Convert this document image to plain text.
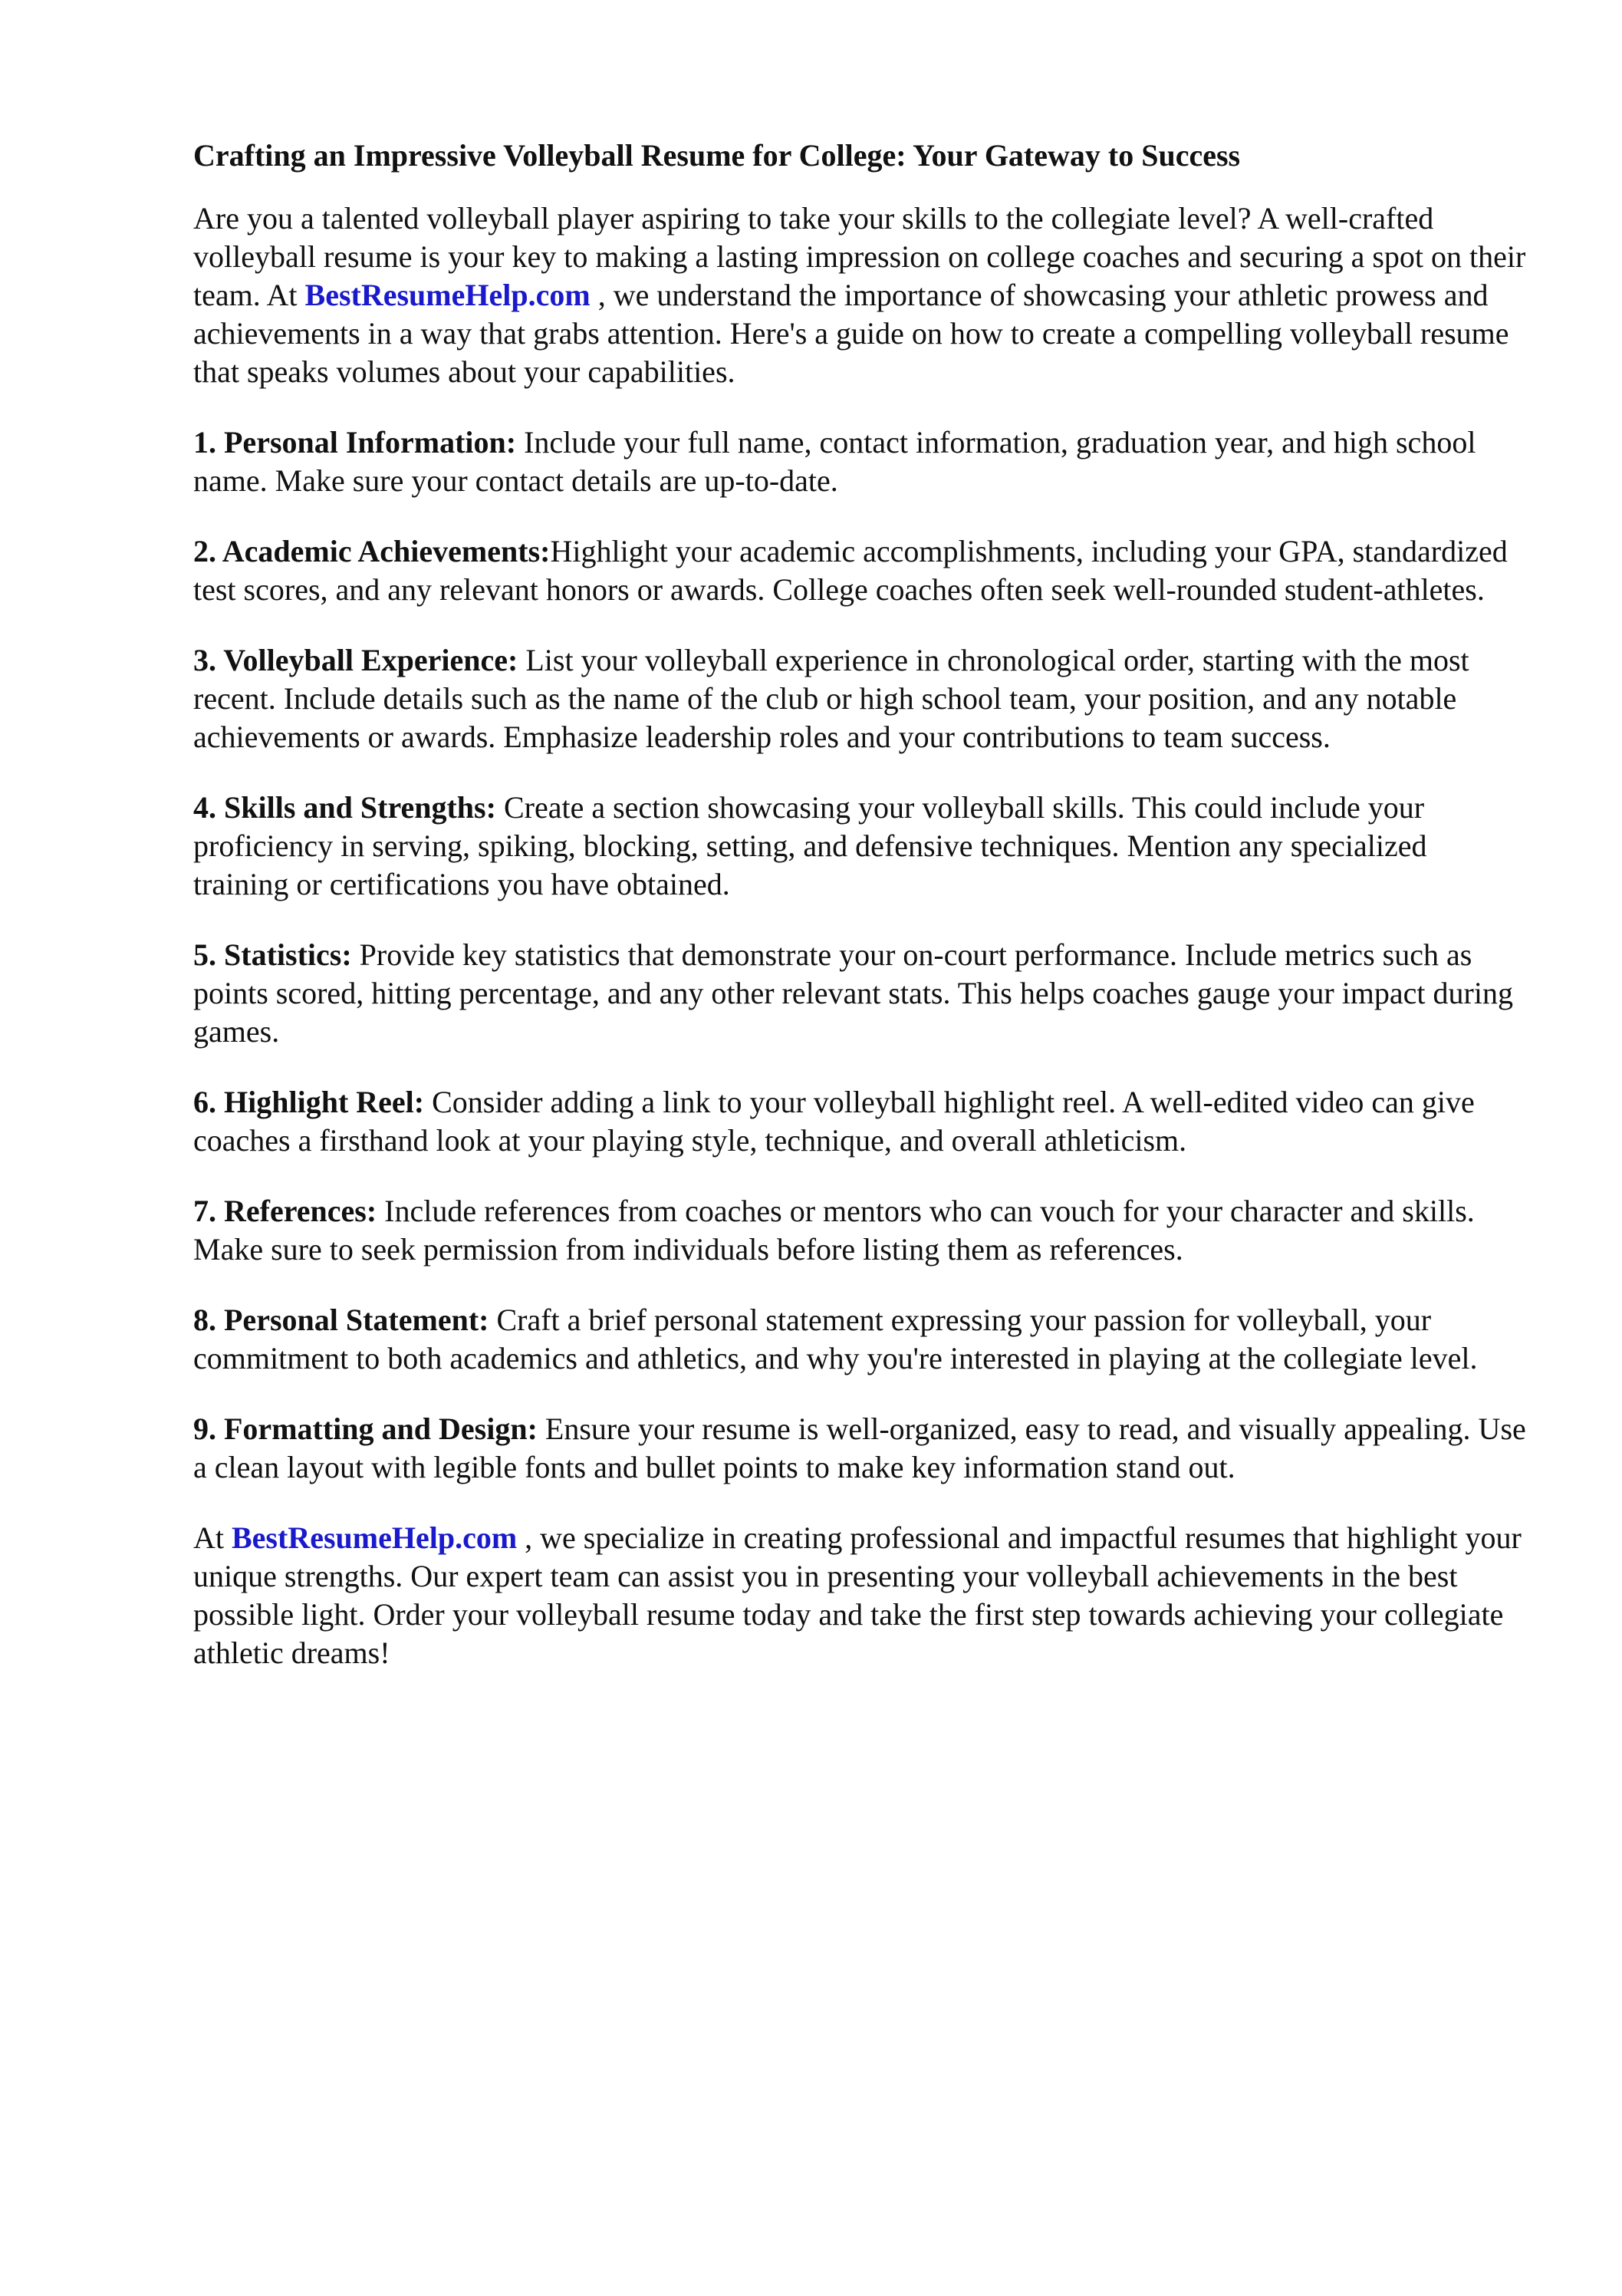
Crafting an Impressive Volleyball Resume for College: Your Gateway to Success

Are you a talented volleyball player aspiring to take your skills to the collegiate level? A well-crafted volleyball resume is your key to making a lasting impression on college coaches and securing a spot on their team. At BestResumeHelp.com , we understand the importance of showcasing your athletic prowess and achievements in a way that grabs attention. Here's a guide on how to create a compelling volleyball resume that speaks volumes about your capabilities.

1. Personal Information: Include your full name, contact information, graduation year, and high school name. Make sure your contact details are up-to-date.

2. Academic Achievements:Highlight your academic accomplishments, including your GPA, standardized test scores, and any relevant honors or awards. College coaches often seek well-rounded student-athletes.

3. Volleyball Experience: List your volleyball experience in chronological order, starting with the most recent. Include details such as the name of the club or high school team, your position, and any notable achievements or awards. Emphasize leadership roles and your contributions to team success.

4. Skills and Strengths: Create a section showcasing your volleyball skills. This could include your proficiency in serving, spiking, blocking, setting, and defensive techniques. Mention any specialized training or certifications you have obtained.

5. Statistics: Provide key statistics that demonstrate your on-court performance. Include metrics such as points scored, hitting percentage, and any other relevant stats. This helps coaches gauge your impact during games.

6. Highlight Reel: Consider adding a link to your volleyball highlight reel. A well-edited video can give coaches a firsthand look at your playing style, technique, and overall athleticism.

7. References: Include references from coaches or mentors who can vouch for your character and skills. Make sure to seek permission from individuals before listing them as references.

8. Personal Statement: Craft a brief personal statement expressing your passion for volleyball, your commitment to both academics and athletics, and why you're interested in playing at the collegiate level.

9. Formatting and Design: Ensure your resume is well-organized, easy to read, and visually appealing. Use a clean layout with legible fonts and bullet points to make key information stand out.

At BestResumeHelp.com , we specialize in creating professional and impactful resumes that highlight your unique strengths. Our expert team can assist you in presenting your volleyball achievements in the best possible light. Order your volleyball resume today and take the first step towards achieving your collegiate athletic dreams!
